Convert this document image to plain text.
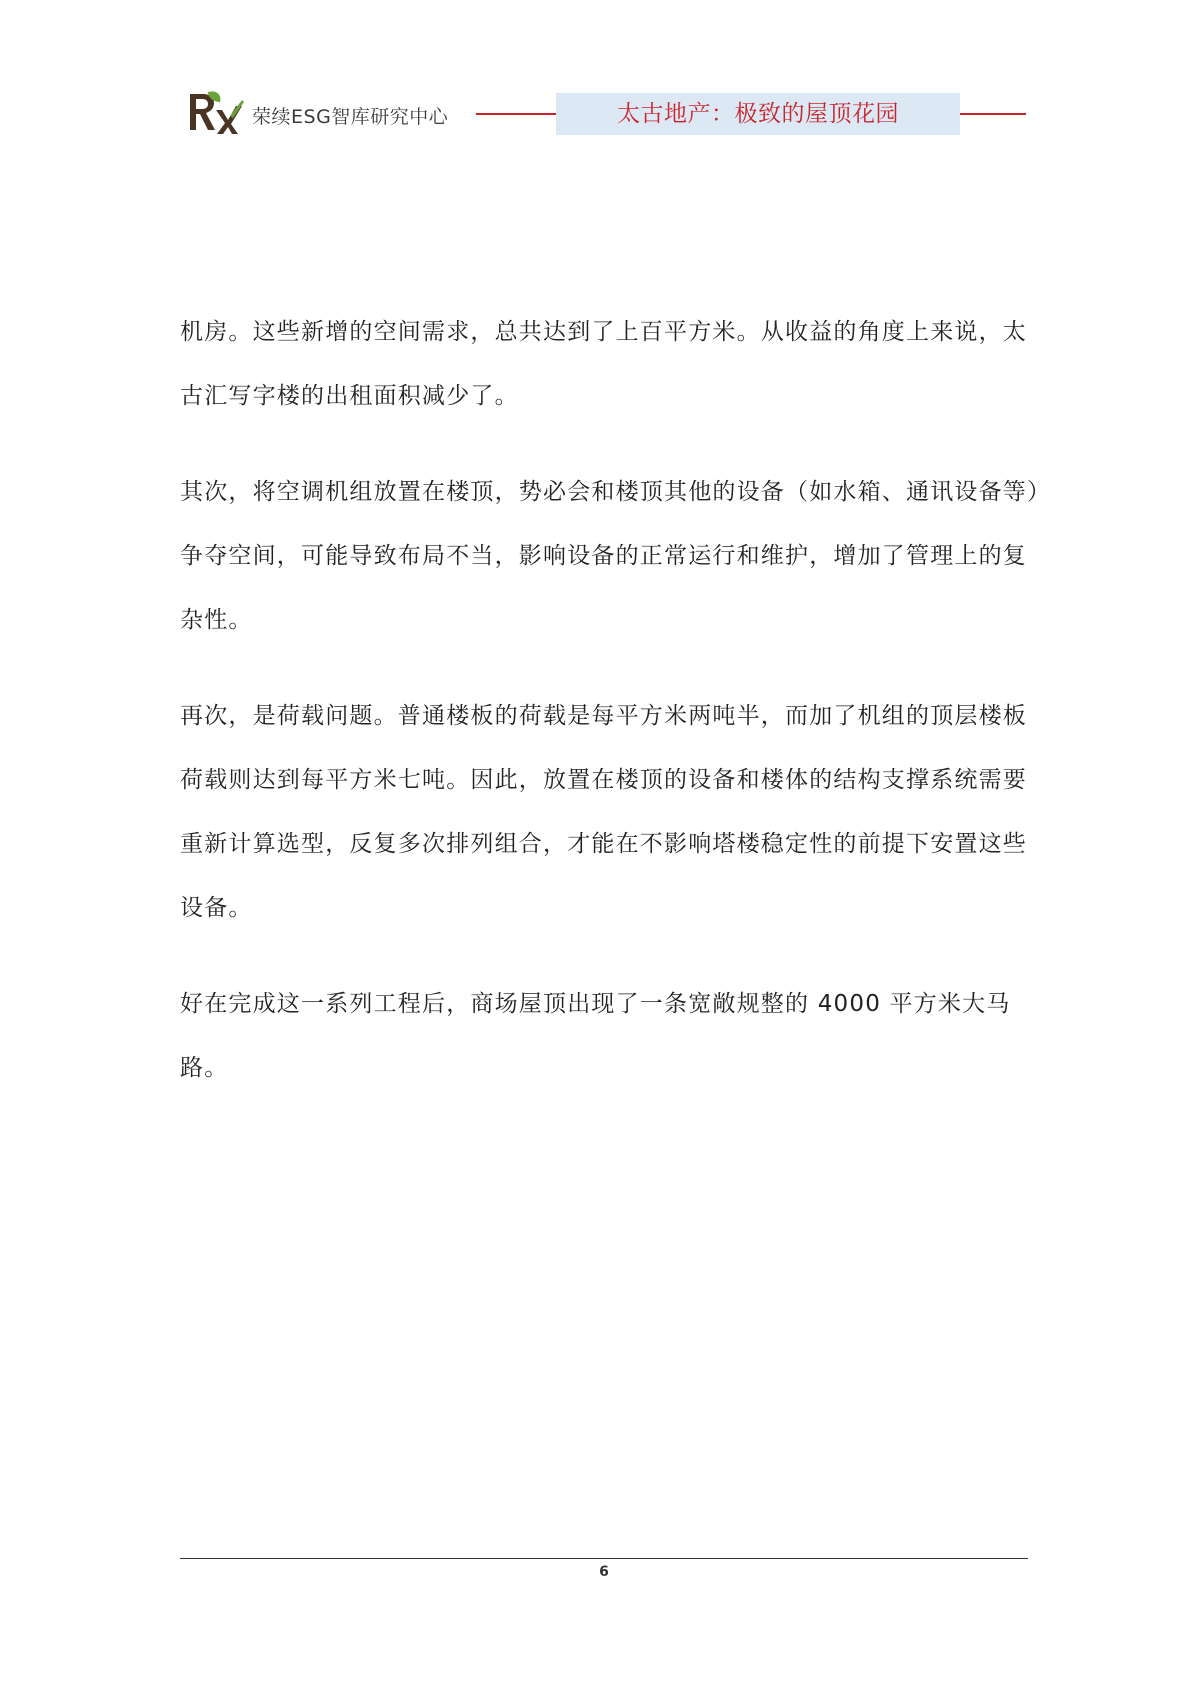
荣续ESG智库研究中心	太古地产：极致的屋顶花园

机房。这些新增的空间需求，总共达到了上百平方米。从收益的角度上来说，太古汇写字楼的出租面积减少了。

其次，将空调机组放置在楼顶，势必会和楼顶其他的设备（如水箱、通讯设备等）争夺空间，可能导致布局不当，影响设备的正常运行和维护，增加了管理上的复杂性。

再次，是荷载问题。普通楼板的荷载是每平方米两吨半，而加了机组的顶层楼板荷载则达到每平方米七吨。因此，放置在楼顶的设备和楼体的结构支撑系统需要重新计算选型，反复多次排列组合，才能在不影响塔楼稳定性的前提下安置这些设备。

好在完成这一系列工程后，商场屋顶出现了一条宽敞规整的 4000 平方米大马路。

6
